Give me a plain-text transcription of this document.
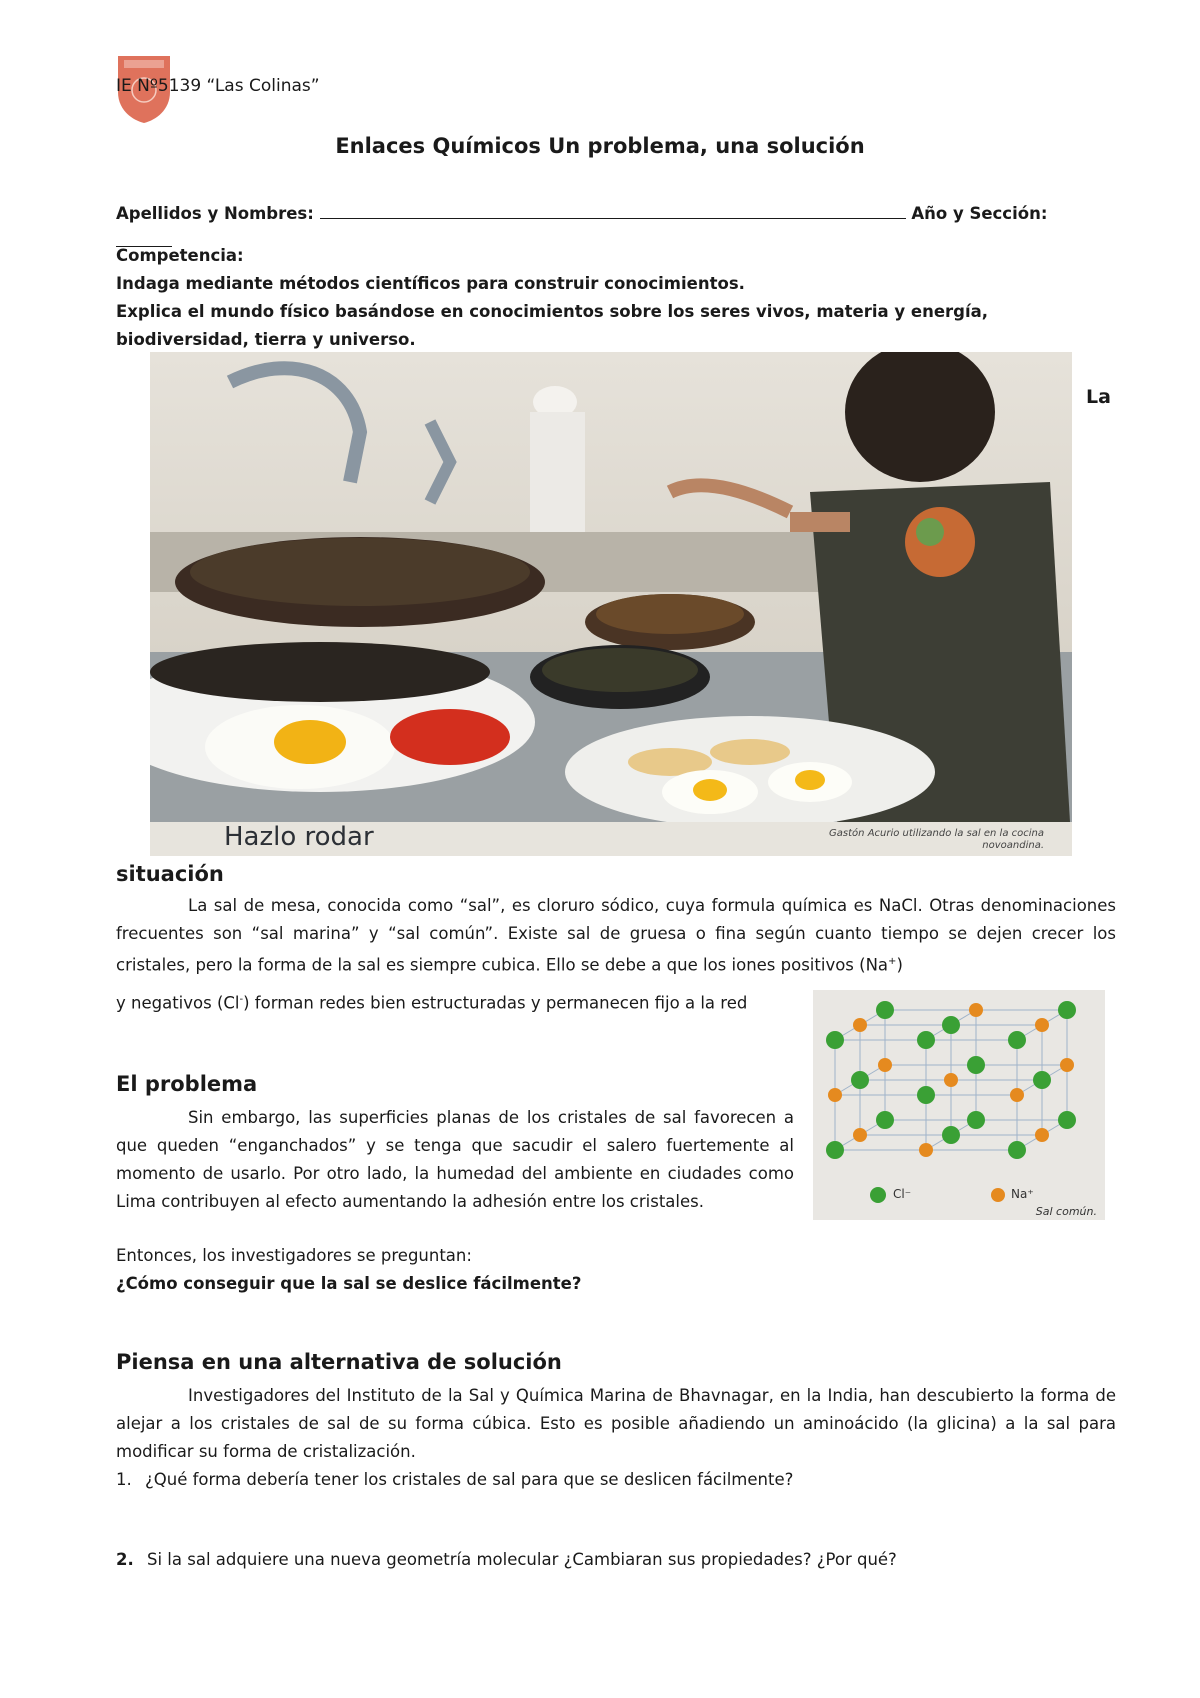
IE Nº5139 “Las Colinas”
Enlaces Químicos Un problema, una solución
Apellidos y Nombres:	Año y Sección:
Competencia:
Indaga mediante métodos científicos para construir conocimientos.
Explica el mundo físico basándose en conocimientos sobre los seres vivos, materia y energía, biodiversidad, tierra y universo.
Hazlo rodar	Gastón Acurio utilizando la sal en la cocina novoandina.
La
situación
La sal de mesa, conocida como “sal”, es cloruro sódico, cuya formula química es NaCl. Otras denominaciones frecuentes son “sal marina” y “sal común”. Existe sal de gruesa o fina según cuanto tiempo se dejen crecer los cristales, pero la forma de la sal es siempre cubica. Ello se debe a que los iones positivos (Na+)
y negativos (Cl-) forman redes bien estructuradas y permanecen fijo a la red
Cl⁻	Na⁺
Sal común.
El problema
Sin embargo, las superficies planas de los cristales de sal favorecen a que queden “enganchados” y se tenga que sacudir el salero fuertemente al momento de usarlo. Por otro lado, la humedad del ambiente en ciudades como Lima contribuyen al efecto aumentando la adhesión entre los cristales.
Entonces, los investigadores se preguntan:
¿Cómo conseguir que la sal se deslice fácilmente?
Piensa en una alternativa de solución
Investigadores del Instituto de la Sal y Química Marina de Bhavnagar, en la India, han descubierto la forma de alejar a los cristales de sal de su forma cúbica. Esto es posible añadiendo un aminoácido (la glicina) a la sal para modificar su forma de cristalización.
1. ¿Qué forma debería tener los cristales de sal para que se deslicen fácilmente?
2. Si la sal adquiere una nueva geometría molecular ¿Cambiaran sus propiedades? ¿Por qué?
